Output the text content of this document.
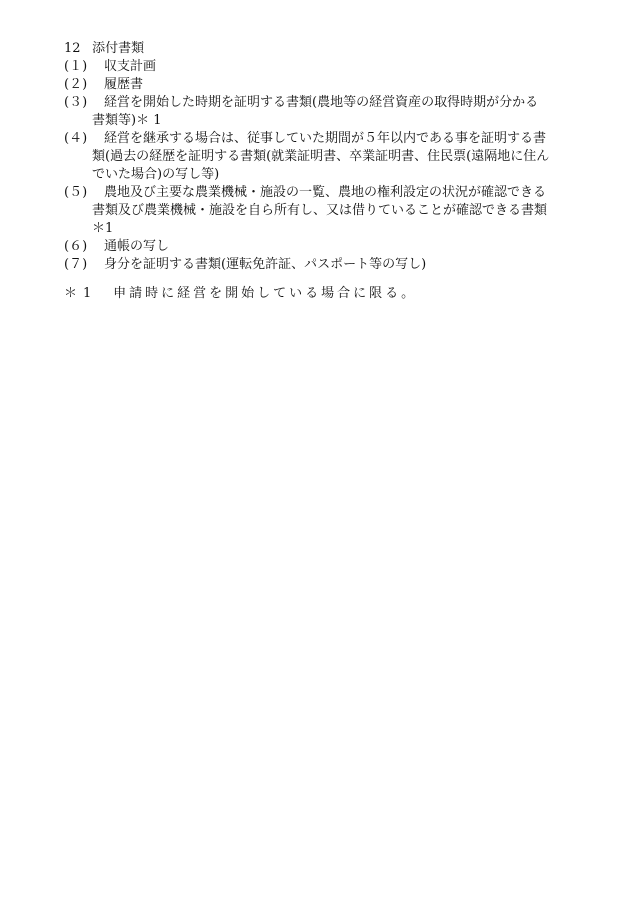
12 添付書類
(１)	収支計画
(２)	履歴書
(３)	経営を開始した時期を証明する書類(農地等の経営資産の取得時期が分かる
書類等)＊ 1
(４)	経営を継承する場合は、従事していた期間が５年以内である事を証明する書
類(過去の経歴を証明する書類(就業証明書、卒業証明書、住民票(遠隔地に住ん
でいた場合)の写し等)
(５)	農地及び主要な農業機械・施設の一覧、農地の権利設定の状況が確認できる
書類及び農業機械・施設を自ら所有し、又は借りていることが確認できる書類
＊1
(６)	通帳の写し
(７)	身分を証明する書類(運転免許証、パスポート等の写し)
＊1 申請時に経営を開始している場合に限る。
